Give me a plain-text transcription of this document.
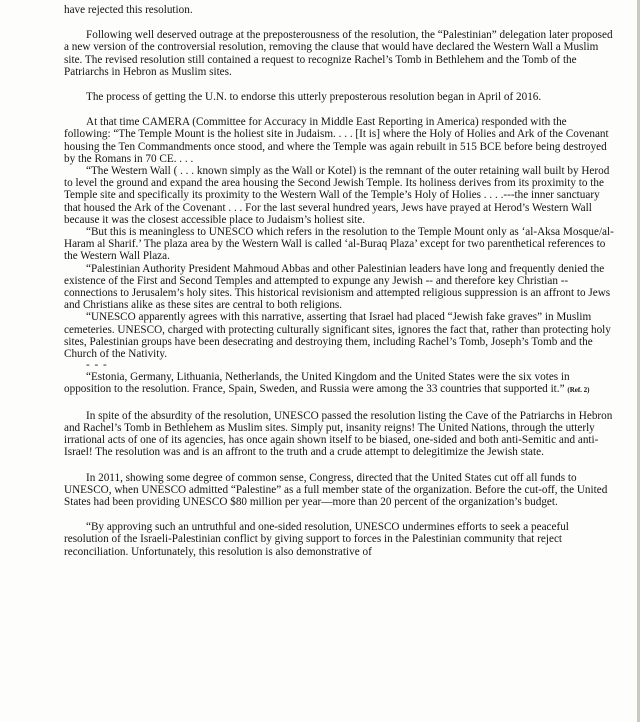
have rejected this resolution.

Following well deserved outrage at the preposterousness of the resolution, the “Palestinian” delegation later proposed a new version of the controversial resolution, removing the clause that would have declared the Western Wall a Muslim site. The revised resolution still contained a request to recognize Rachel’s Tomb in Bethlehem and the Tomb of the Patriarchs in Hebron as Muslim sites.

The process of getting the U.N. to endorse this utterly preposterous resolution began in April of 2016.

At that time CAMERA (Committee for Accuracy in Middle East Reporting in America) responded with the following: “The Temple Mount is the holiest site in Judaism. . . . [It is] where the Holy of Holies and Ark of the Covenant housing the Ten Commandments once stood, and where the Temple was again rebuilt in 515 BCE before being destroyed by the Romans in 70 CE. . . .

“The Western Wall ( . . . known simply as the Wall or Kotel) is the remnant of the outer retaining wall built by Herod to level the ground and expand the area housing the Second Jewish Temple. Its holiness derives from its proximity to the Temple site and specifically its proximity to the Western Wall of the Temple’s Holy of Holies . . . .---the inner sanctuary that housed the Ark of the Covenant . . . For the last several hundred years, Jews have prayed at Herod’s Western Wall because it was the closest accessible place to Judaism’s holiest site.

“But this is meaningless to UNESCO which refers in the resolution to the Temple Mount only as ‘al-Aksa Mosque/al-Haram al Sharif.’ The plaza area by the Western Wall is called ‘al-Buraq Plaza’ except for two parenthetical references to the Western Wall Plaza.

“Palestinian Authority President Mahmoud Abbas and other Palestinian leaders have long and frequently denied the existence of the First and Second Temples and attempted to expunge any Jewish -- and therefore key Christian -- connections to Jerusalem’s holy sites. This historical revisionism and attempted religious suppression is an affront to Jews and Christians alike as these sites are central to both religions.

“UNESCO apparently agrees with this narrative, asserting that Israel had placed “Jewish fake graves” in Muslim cemeteries. UNESCO, charged with protecting culturally significant sites, ignores the fact that, rather than protecting holy sites, Palestinian groups have been desecrating and destroying them, including Rachel’s Tomb, Joseph’s Tomb and the Church of the Nativity.

- - -

“Estonia, Germany, Lithuania, Netherlands, the United Kingdom and the United States were the six votes in opposition to the resolution. France, Spain, Sweden, and Russia were among the 33 countries that supported it.” (Ref. 2)

In spite of the absurdity of the resolution, UNESCO passed the resolution listing the Cave of the Patriarchs in Hebron and Rachel’s Tomb in Bethlehem as Muslim sites. Simply put, insanity reigns! The United Nations, through the utterly irrational acts of one of its agencies, has once again shown itself to be biased, one-sided and both anti-Semitic and anti-Israel! The resolution was and is an affront to the truth and a crude attempt to delegitimize the Jewish state.

In 2011, showing some degree of common sense, Congress, directed that the United States cut off all funds to UNESCO, when UNESCO admitted “Palestine” as a full member state of the organization. Before the cut-off, the United States had been providing UNESCO $80 million per year—more than 20 percent of the organization’s budget.

“By approving such an untruthful and one-sided resolution, UNESCO undermines efforts to seek a peaceful resolution of the Israeli-Palestinian conflict by giving support to forces in the Palestinian community that reject reconciliation. Unfortunately, this resolution is also demonstrative of
